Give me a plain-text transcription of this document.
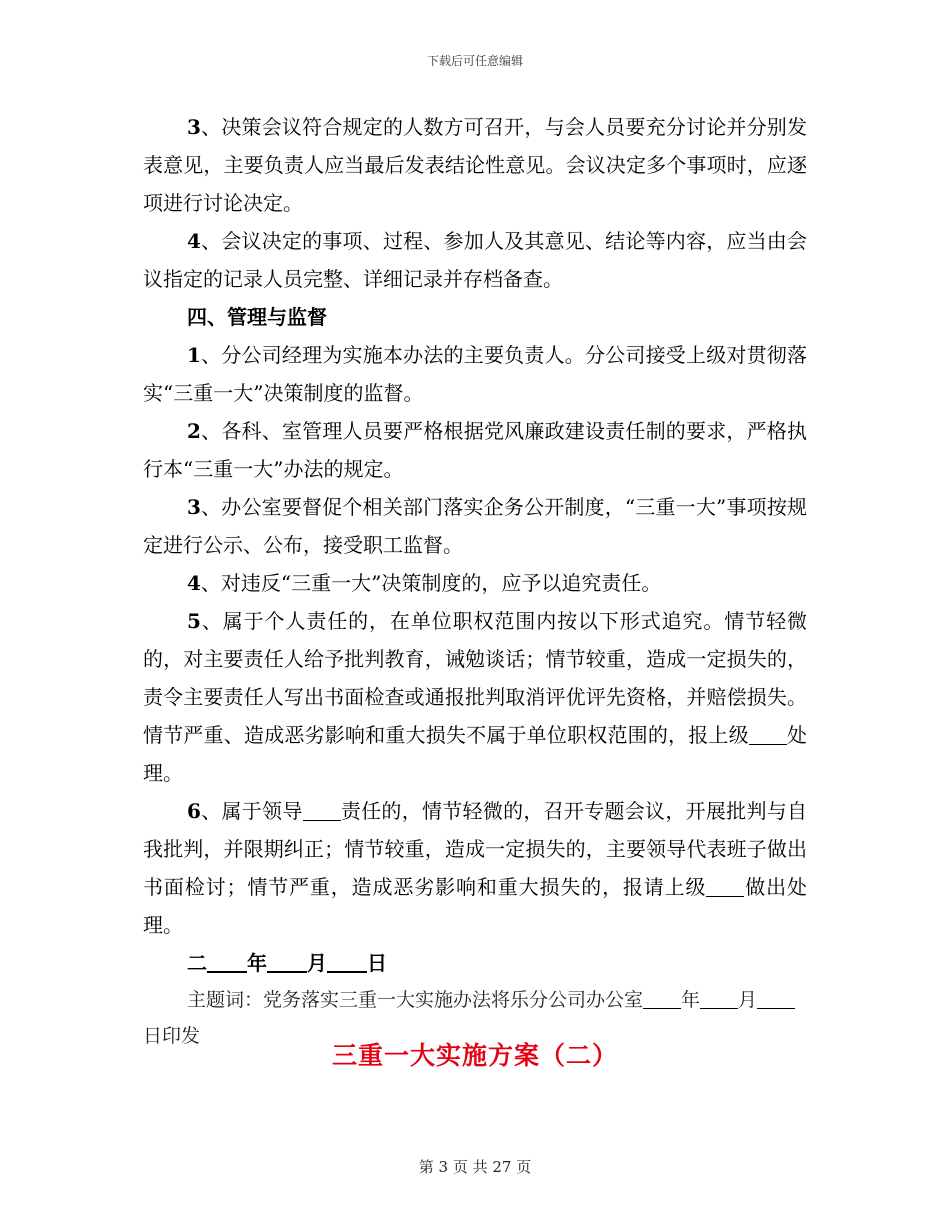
下载后可任意编辑

3、决策会议符合规定的人数方可召开，与会人员要充分讨论并分别发表意见，主要负责人应当最后发表结论性意见。会议决定多个事项时，应逐项进行讨论决定。

4、会议决定的事项、过程、参加人及其意见、结论等内容，应当由会议指定的记录人员完整、详细记录并存档备查。

四、管理与监督

1、分公司经理为实施本办法的主要负责人。分公司接受上级对贯彻落实“三重一大”决策制度的监督。

2、各科、室管理人员要严格根据党风廉政建设责任制的要求，严格执行本“三重一大”办法的规定。

3、办公室要督促个相关部门落实企务公开制度，“三重一大”事项按规定进行公示、公布，接受职工监督。

4、对违反“三重一大”决策制度的，应予以追究责任。

5、属于个人责任的，在单位职权范围内按以下形式追究。情节轻微的，对主要责任人给予批判教育，诫勉谈话；情节较重，造成一定损失的，责令主要责任人写出书面检查或通报批判取消评优评先资格，并赔偿损失。情节严重、造成恶劣影响和重大损失不属于单位职权范围的，报上级 处理。

6、属于领导 责任的，情节轻微的，召开专题会议，开展批判与自我批判，并限期纠正；情节较重，造成一定损失的，主要领导代表班子做出书面检讨；情节严重，造成恶劣影响和重大损失的，报请上级 做出处理。

二 年 月 日

主题词：党务落实三重一大实施办法将乐分公司办公室 年 月日印发

三重一大实施方案（二）
第 3 页 共 27 页
